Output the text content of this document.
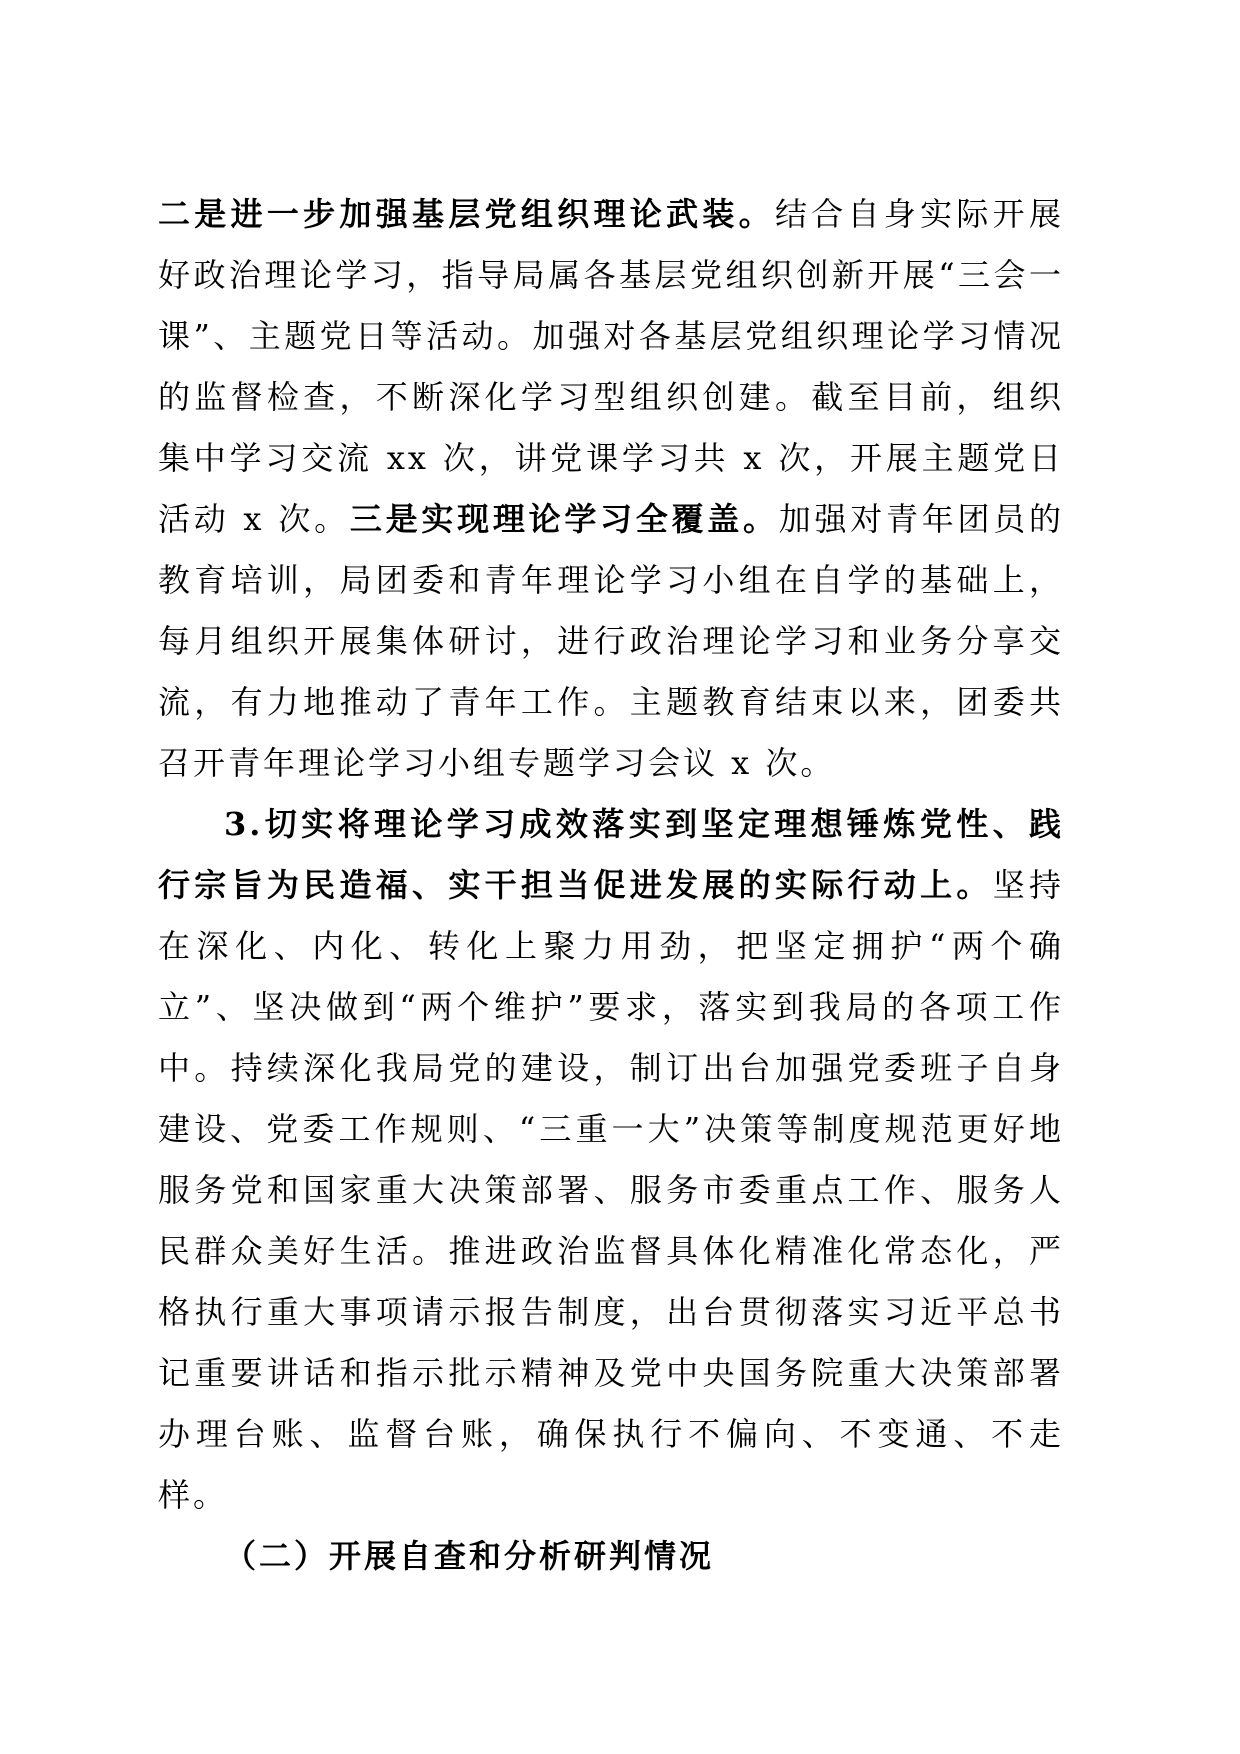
二是进一步加强基层党组织理论武装。结合自身实际开展好政治理论学习，指导局属各基层党组织创新开展“三会一课”、主题党日等活动。加强对各基层党组织理论学习情况的监督检查，不断深化学习型组织创建。截至目前，组织集中学习交流 xx 次，讲党课学习共 x 次，开展主题党日活动 x 次。三是实现理论学习全覆盖。加强对青年团员的教育培训，局团委和青年理论学习小组在自学的基础上，每月组织开展集体研讨，进行政治理论学习和业务分享交流，有力地推动了青年工作。主题教育结束以来，团委共召开青年理论学习小组专题学习会议 x 次。

3.切实将理论学习成效落实到坚定理想锤炼党性、践行宗旨为民造福、实干担当促进发展的实际行动上。坚持在深化、内化、转化上聚力用劲，把坚定拥护“两个确立”、坚决做到“两个维护”要求，落实到我局的各项工作中。持续深化我局党的建设，制订出台加强党委班子自身建设、党委工作规则、“三重一大”决策等制度规范更好地服务党和国家重大决策部署、服务市委重点工作、服务人民群众美好生活。推进政治监督具体化精准化常态化，严格执行重大事项请示报告制度，出台贯彻落实习近平总书记重要讲话和指示批示精神及党中央国务院重大决策部署办理台账、监督台账，确保执行不偏向、不变通、不走样。

（二）开展自查和分析研判情况
